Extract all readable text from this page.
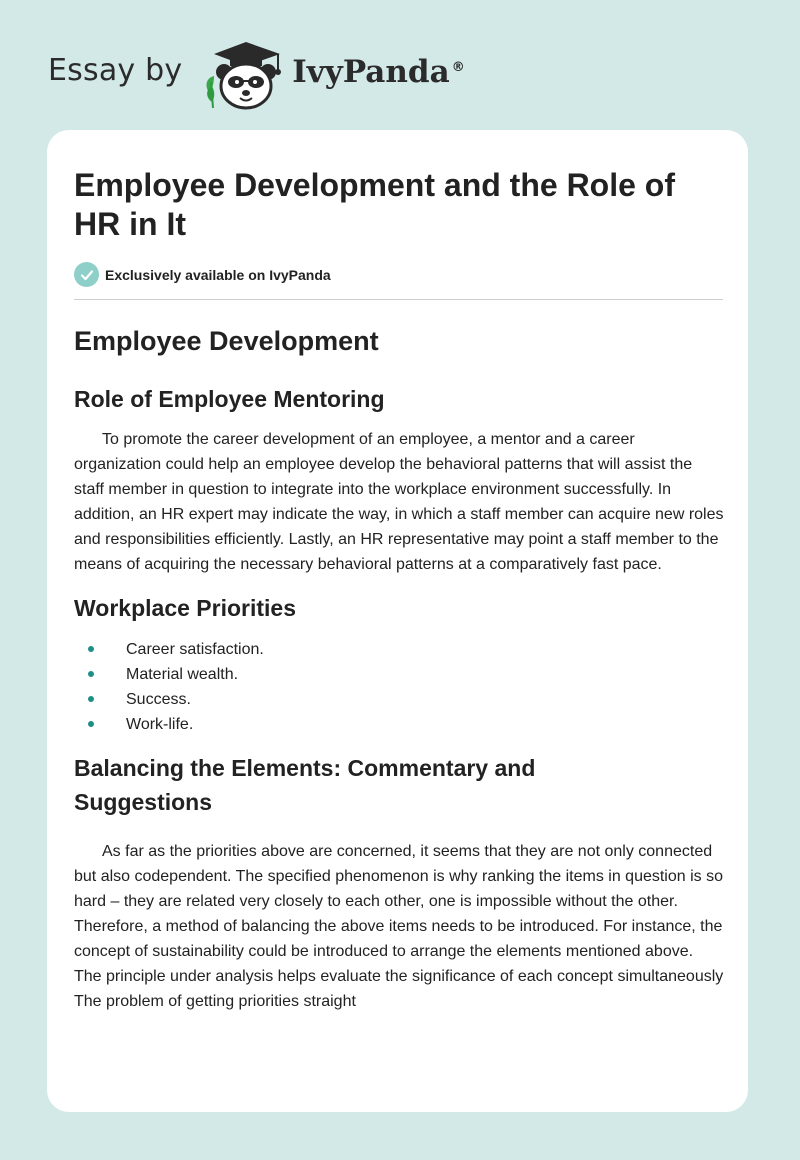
Essay by	IvyPanda ®
Employee Development and the Role of HR in It
Exclusively available on IvyPanda
Employee Development
Role of Employee Mentoring

To promote the career development of an employee, a mentor and a career organization could help an employee develop the behavioral patterns that will assist the staff member in question to integrate into the workplace environment successfully. In addition, an HR expert may indicate the way, in which a staff member can acquire new roles and responsibilities efficiently. Lastly, an HR representative may point a staff member to the means of acquiring the necessary behavioral patterns at a comparatively fast pace.

Workplace Priorities
Career satisfaction.
Material wealth.
Success.
Work-life.
Balancing the Elements: Commentary and Suggestions

As far as the priorities above are concerned, it seems that they are not only connected but also codependent. The specified phenomenon is why ranking the items in question is so hard – they are related very closely to each other, one is impossible without the other. Therefore, a method of balancing the above items needs to be introduced. For instance, the concept of sustainability could be introduced to arrange the elements mentioned above. The principle under analysis helps evaluate the significance of each concept simultaneously The problem of getting priorities straight
